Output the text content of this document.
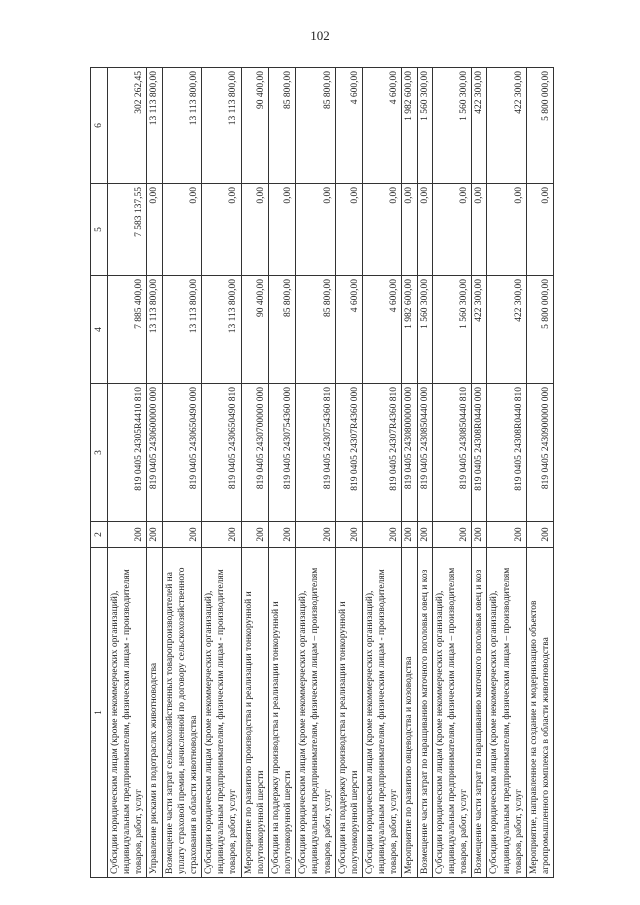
102
1	2	3	4	5	6
Субсидии юридическим лицам (кроме некоммерческих организаций), индивидуальным предпринимателям, физическим лицам - производителям товаров, работ, услуг	200	819 0405 24305R4410 810	7 885 400,00	7 583 137,55	302 262,45
Управление рисками в подотраслях животноводства	200	819 0405 2430600000 000	13 113 800,00	0,00	13 113 800,00
Возмещение части затрат сельскохозяйственных товаропроизводителей на уплату страховой премии, начисленной по договору сельскохозяйственного страхования в области животноводства	200	819 0405 2430650490 000	13 113 800,00	0,00	13 113 800,00
Субсидии юридическим лицам (кроме некоммерческих организаций), индивидуальным предпринимателям, физическим лицам - производителям товаров, работ, услуг	200	819 0405 2430650490 810	13 113 800,00	0,00	13 113 800,00
Мероприятие по развитию производства и реализации тонкорунной и полутонкорунной шерсти	200	819 0405 2430700000 000	90 400,00	0,00	90 400,00
Субсидии на поддержку производства и реализации тонкорунной и полутонкорунной шерсти	200	819 0405 2430754360 000	85 800,00	0,00	85 800,00
Субсидии юридическим лицам (кроме некоммерческих организаций), индивидуальным предпринимателям, физическим лицам – производителям товаров, работ, услуг	200	819 0405 2430754360 810	85 800,00	0,00	85 800,00
Субсидии на поддержку производства и реализации тонкорунной и полутонкорунной шерсти	200	819 0405 24307R4360 000	4 600,00	0,00	4 600,00
Субсидии юридическим лицам (кроме некоммерческих организаций), индивидуальным предпринимателям, физическим лицам - производителям товаров, работ, услуг	200	819 0405 24307R4360 810	4 600,00	0,00	4 600,00
Мероприятие по развитию овцеводства и козоводства	200	819 0405 2430800000 000	1 982 600,00	0,00	1 982 600,00
Возмещение части затрат по наращиванию маточного поголовья овец и коз	200	819 0405 2430850440 000	1 560 300,00	0,00	1 560 300,00
Субсидии юридическим лицам (кроме некоммерческих организаций), индивидуальным предпринимателям, физическим лицам – производителям товаров, работ, услуг	200	819 0405 2430850440 810	1 560 300,00	0,00	1 560 300,00
Возмещение части затрат по наращиванию маточного поголовья овец и коз	200	819 0405 24308R0440 000	422 300,00	0,00	422 300,00
Субсидии юридическим лицам (кроме некоммерческих организаций), индивидуальным предпринимателям, физическим лицам – производителям товаров, работ, услуг	200	819 0405 24308R0440 810	422 300,00	0,00	422 300,00
Мероприятие, направленное на создание и модернизацию объектов агропромышленного комплекса в области животноводства	200	819 0405 2430900000 000	5 800 000,00	0,00	5 800 000,00
